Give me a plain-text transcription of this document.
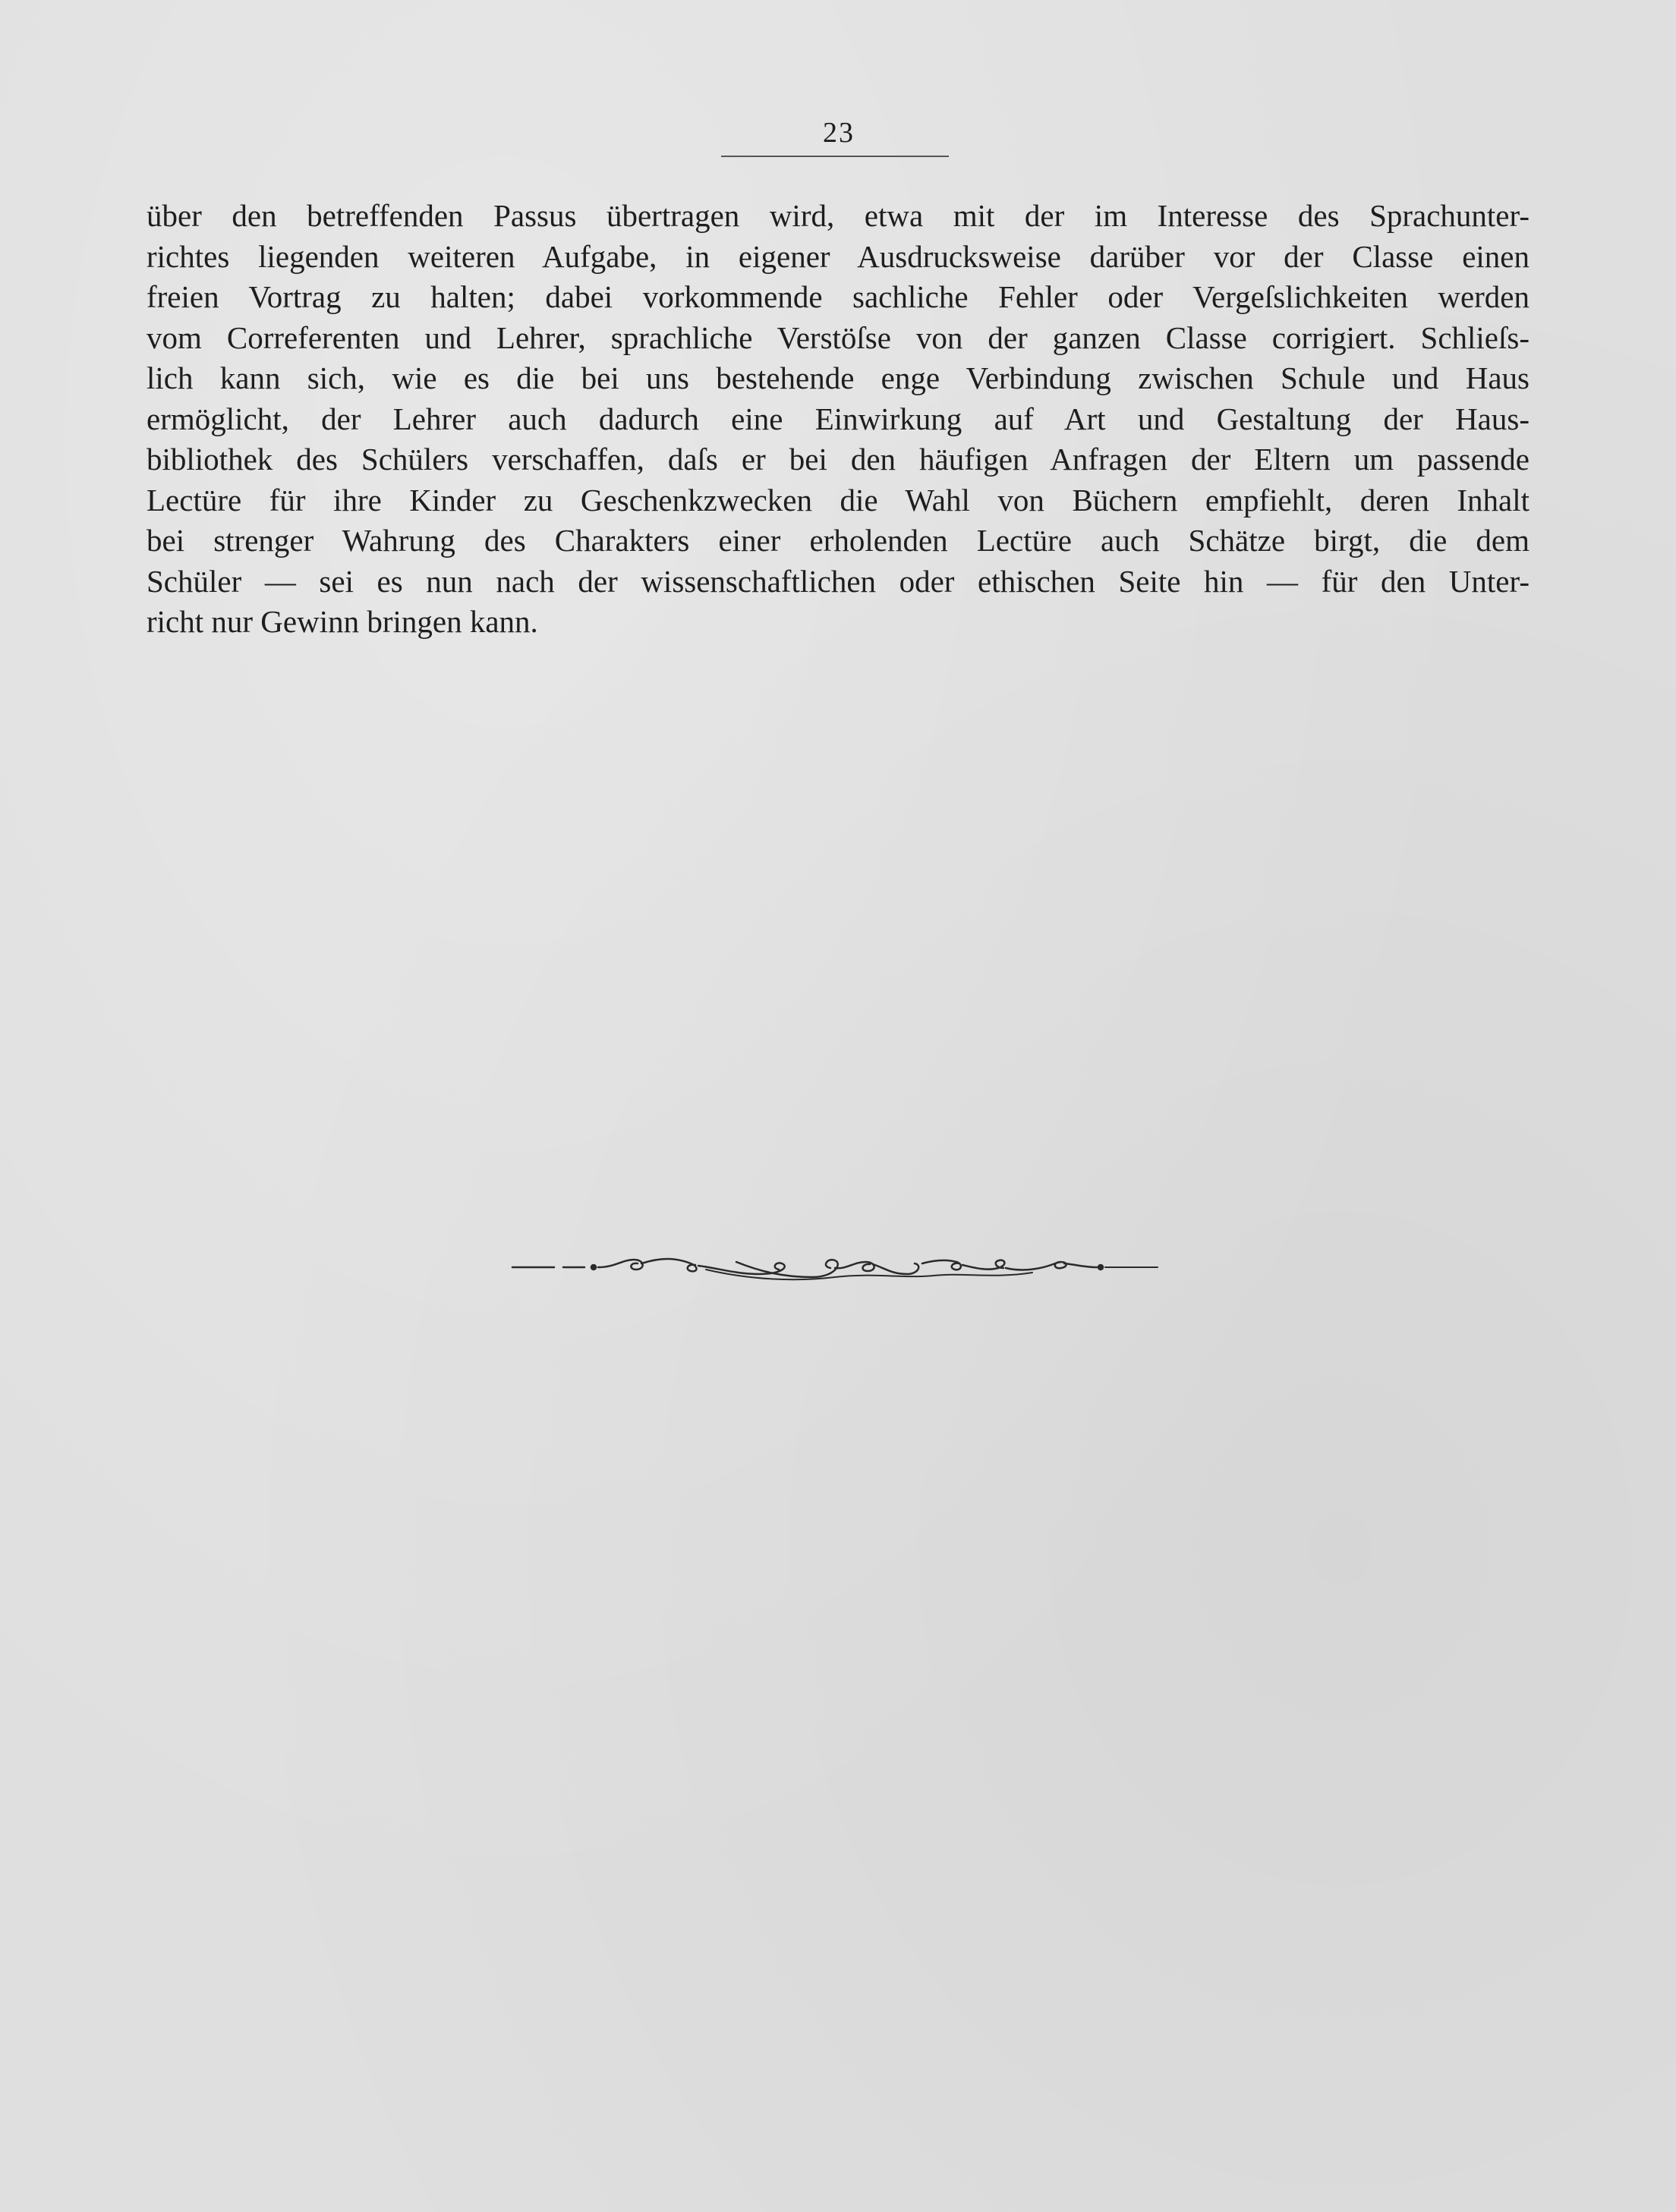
23
über den betreffenden Passus übertragen wird, etwa mit der im Interesse des Sprachunter-
richtes liegenden weiteren Aufgabe, in eigener Ausdrucksweise darüber vor der Classe einen
freien Vortrag zu halten; dabei vorkommende sachliche Fehler oder Vergeſslichkeiten werden
vom Correferenten und Lehrer, sprachliche Verstöſse von der ganzen Classe corrigiert. Schlieſs-
lich kann sich, wie es die bei uns bestehende enge Verbindung zwischen Schule und Haus
ermöglicht, der Lehrer auch dadurch eine Einwirkung auf Art und Gestaltung der Haus-
bibliothek des Schülers verschaffen, daſs er bei den häufigen Anfragen der Eltern um passende
Lectüre für ihre Kinder zu Geschenkzwecken die Wahl von Büchern empfiehlt, deren Inhalt
bei strenger Wahrung des Charakters einer erholenden Lectüre auch Schätze birgt, die dem
Schüler — sei es nun nach der wissenschaftlichen oder ethischen Seite hin — für den Unter-
richt nur Gewinn bringen kann.
